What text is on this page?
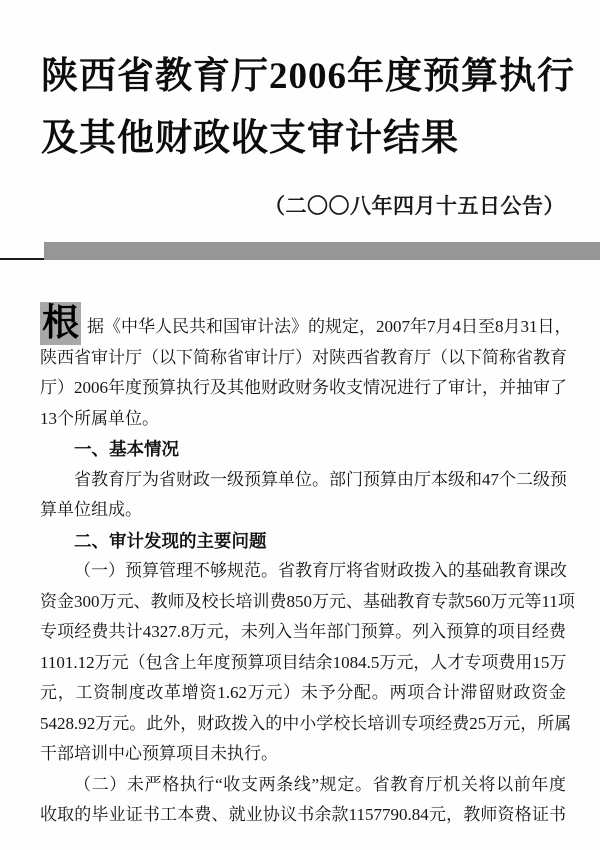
陕西省教育厅2006年度预算执行
及其他财政收支审计结果
（二〇〇八年四月十五日公告）
根 据《中华人民共和国审计法》的规定，2007年7月4日至8月31日，
陕西省审计厅（以下简称省审计厅）对陕西省教育厅（以下简称省教育
厅）2006年度预算执行及其他财政财务收支情况进行了审计，并抽审了
13个所属单位。
一、基本情况
省教育厅为省财政一级预算单位。部门预算由厅本级和47个二级预
算单位组成。
二、审计发现的主要问题
（一）预算管理不够规范。省教育厅将省财政拨入的基础教育课改
资金300万元、教师及校长培训费850万元、基础教育专款560万元等11项
专项经费共计4327.8万元，未列入当年部门预算。列入预算的项目经费
1101.12万元（包含上年度预算项目结余1084.5万元，人才专项费用15万
元，工资制度改革增资1.62万元）未予分配。两项合计滞留财政资金
5428.92万元。此外，财政拨入的中小学校长培训专项经费25万元，所属
干部培训中心预算项目未执行。
（二）未严格执行“收支两条线”规定。省教育厅机关将以前年度
收取的毕业证书工本费、就业协议书余款1157790.84元，教师资格证书
